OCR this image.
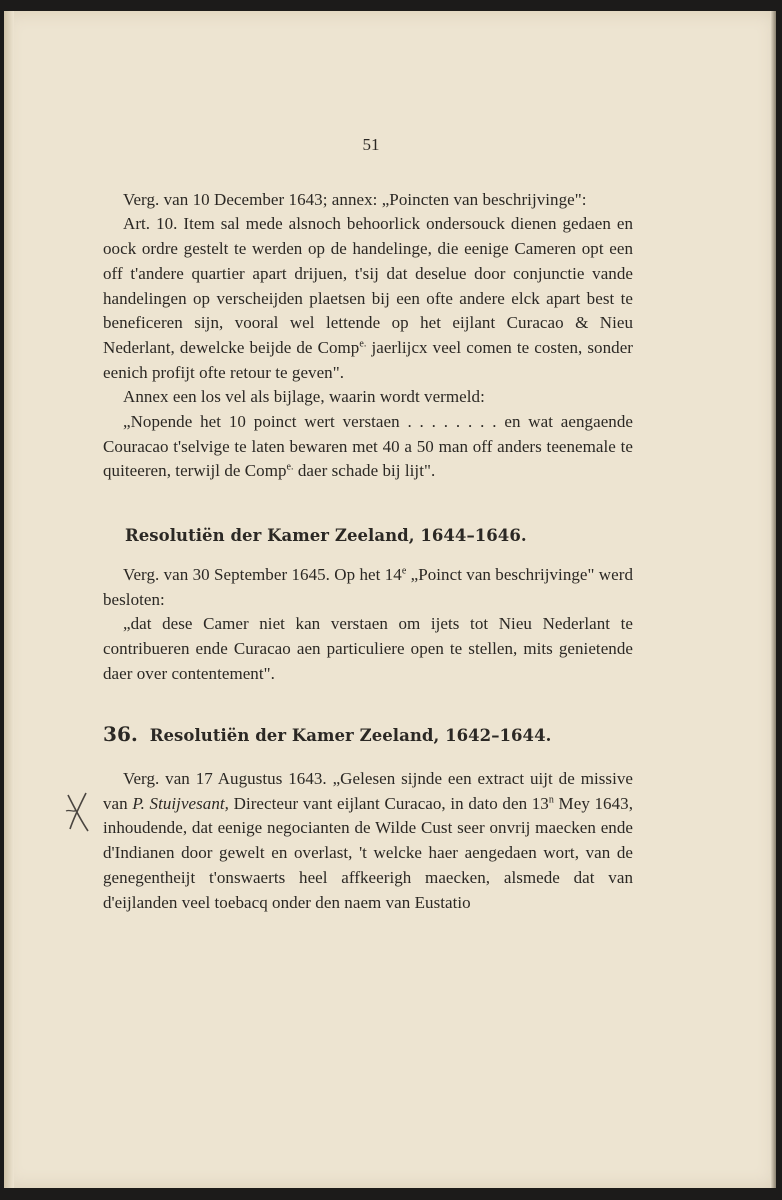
51

Verg. van 10 December 1643; annex: „Poincten van beschrijvinge":

Art. 10. Item sal mede alsnoch behoorlick ondersouck dienen gedaen en oock ordre gestelt te werden op de handelinge, die eenige Cameren opt een off t'andere quartier apart drijuen, t'sij dat deselue door conjunctie vande handelingen op verscheijden plaetsen bij een ofte andere elck apart best te beneficeren sijn, vooral wel lettende op het eijlant Curacao & Nieu Nederlant, dewelcke beijde de Comp$^{e.}$ jaerlijcx veel comen te costen, sonder eenich profijt ofte retour te geven".

Annex een los vel als bijlage, waarin wordt vermeld:

„Nopende het 10 poinct wert verstaen . . . . . . . . en wat aengaende Couracao t'selvige te laten bewaren met 40 a 50 man off anders teenemale te quiteeren, terwijl de Comp$^{e.}$ daer schade bij lijt".

Resolutiën der Kamer Zeeland, 1644–1646.

Verg. van 30 September 1645. Op het 14e „Poinct van beschrijvinge" werd besloten:

„dat dese Camer niet kan verstaen om ijets tot Nieu Nederlant te contribueren ende Curacao aen particuliere open te stellen, mits genietende daer over contentement".

36. Resolutiën der Kamer Zeeland, 1642–1644.

Verg. van 17 Augustus 1643. „Gelesen sijnde een extract uijt de missive van P. Stuijvesant, Directeur vant eijlant Curacao, in dato den 13$^n$ Mey 1643, inhoudende, dat eenige negocianten de Wilde Cust seer onvrij maecken ende d'Indianen door gewelt en overlast, 't welcke haer aengedaen wort, van de genegentheijt t'onswaerts heel affkeerigh maecken, alsmede dat van d'eijlanden veel toebacq onder den naem van Eustatio
